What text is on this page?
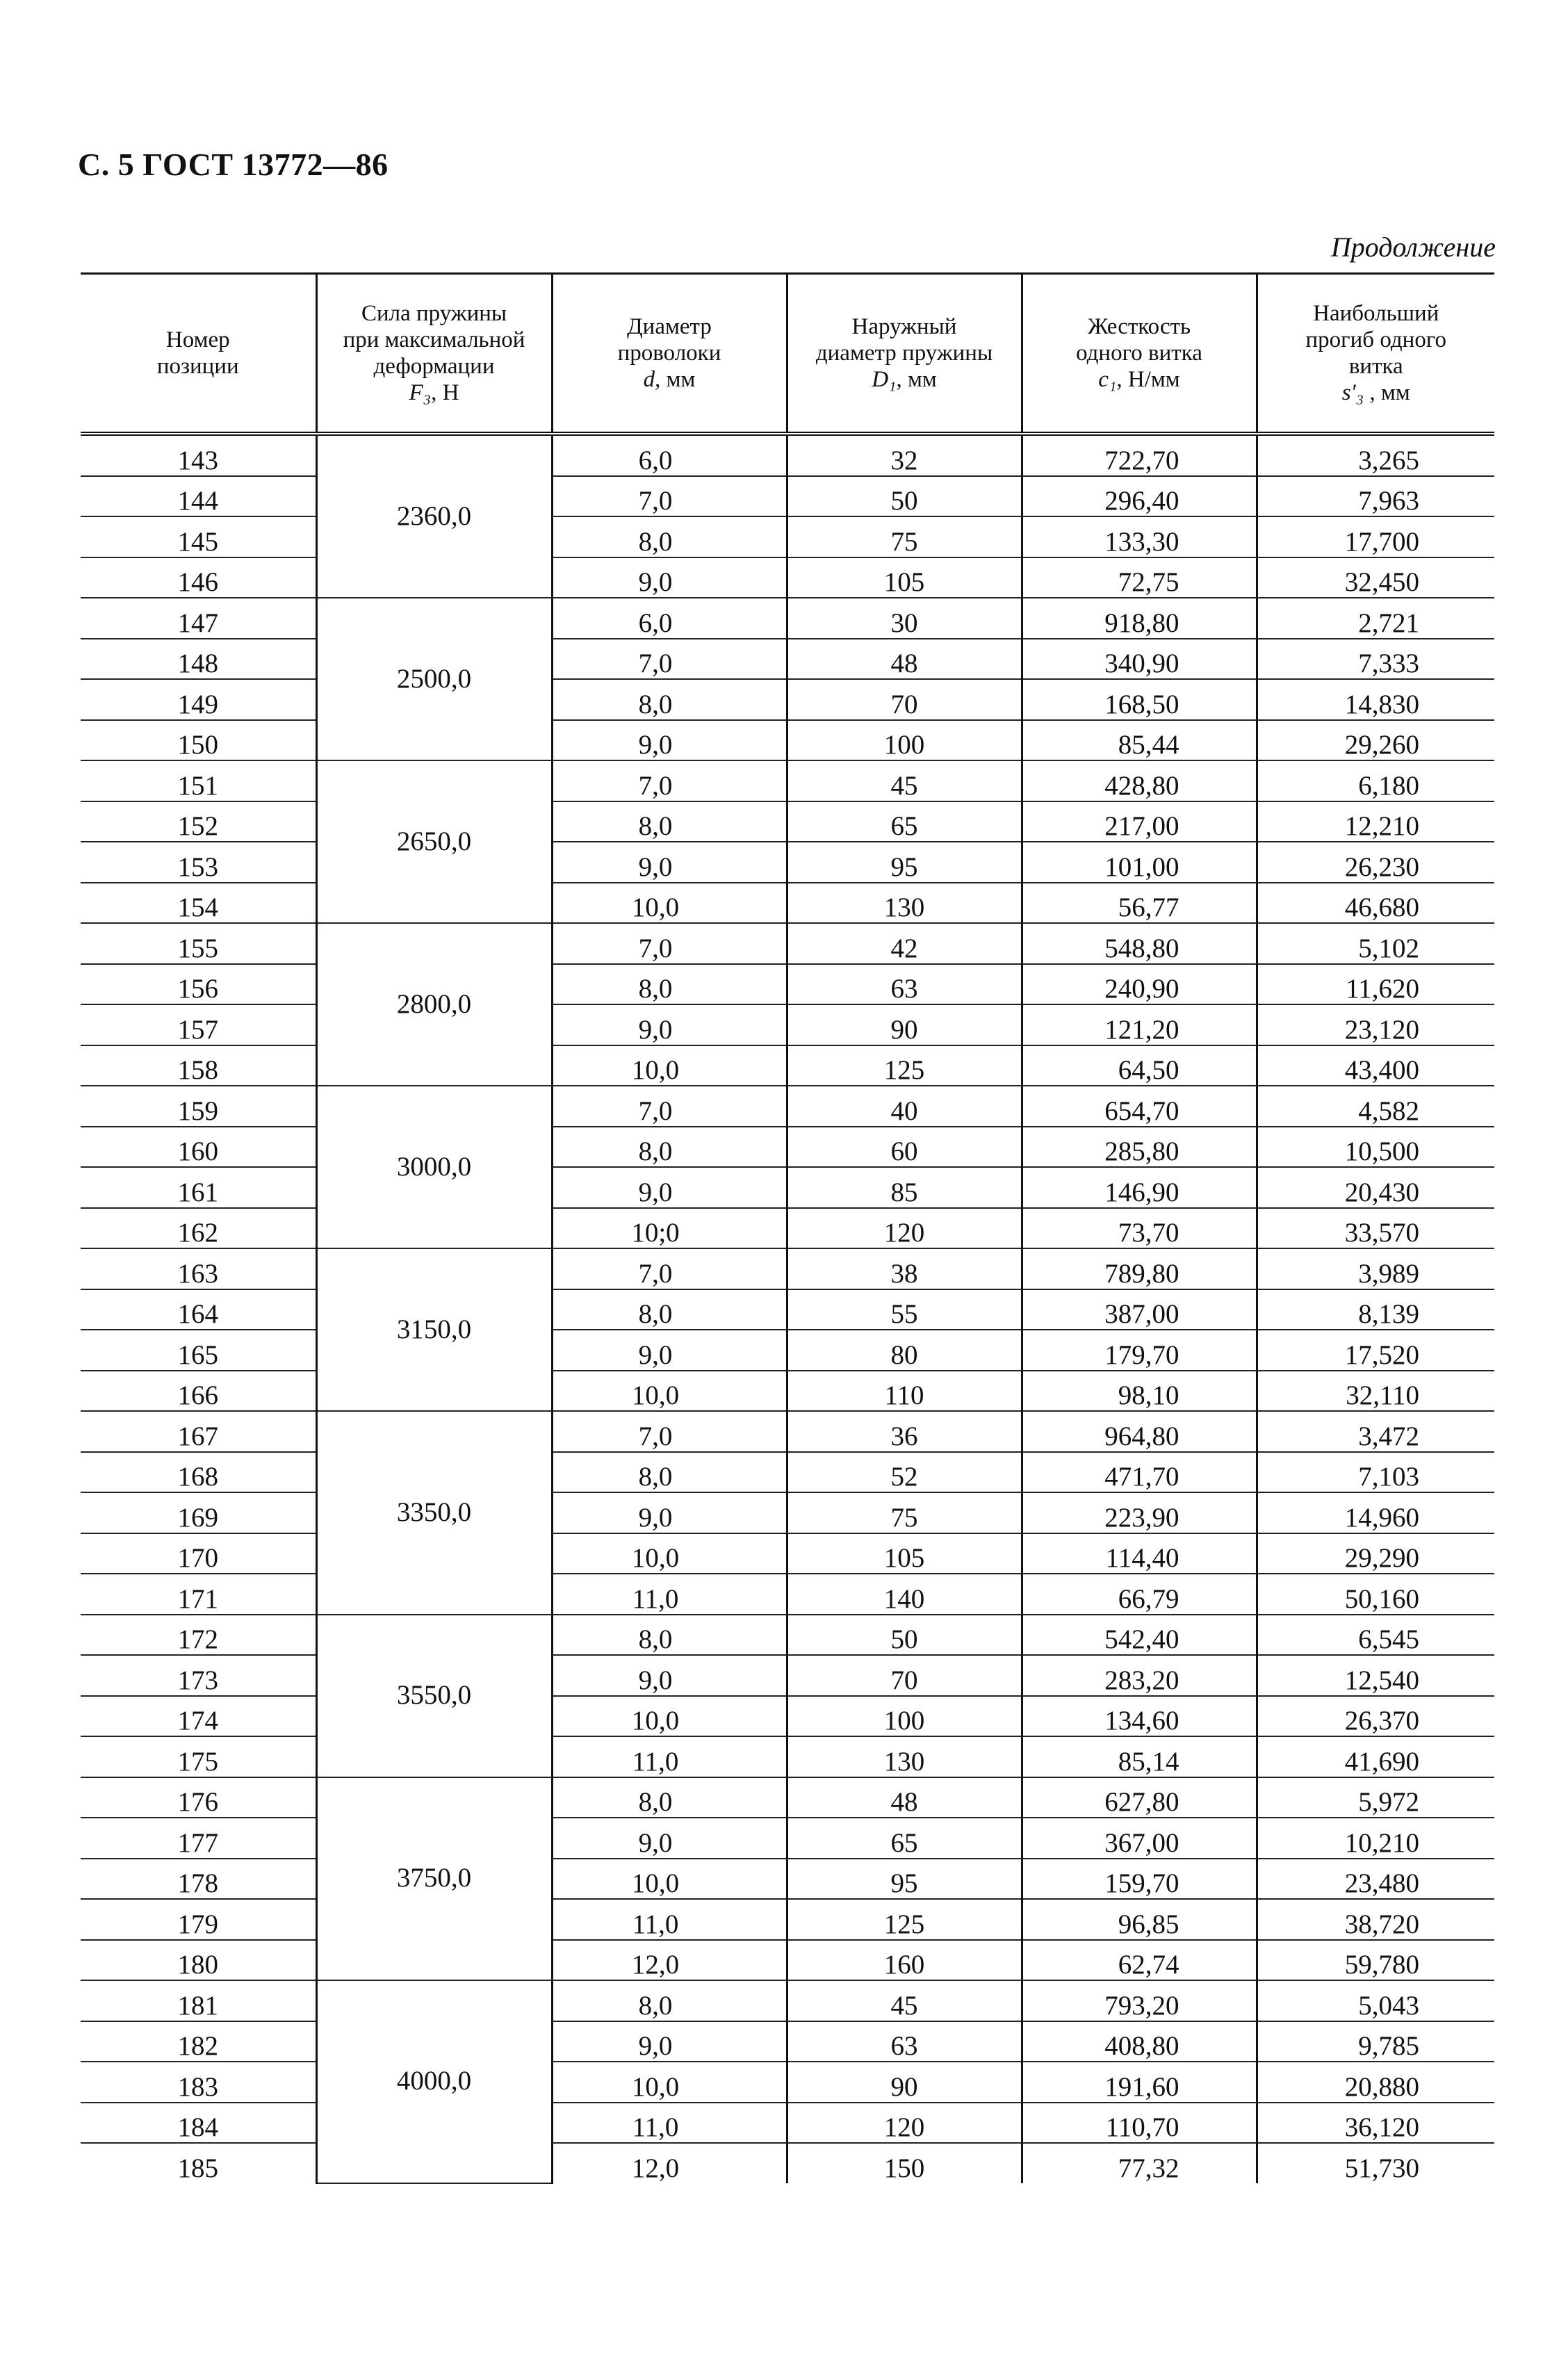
С. 5 ГОСТ 13772—86
Продолжение
Номер
позиции	Сила пружины
при максимальной
деформации
F₃, Н	Диаметр
проволоки
d, мм	Наружный
диаметр пружины
D₁, мм	Жесткость
одного витка
c₁, Н/мм	Наибольший
прогиб одного
витка
s′₃ , мм
143	2360,0	6,0	32	722,70	3,265
144		7,0	50	296,40	7,963
145		8,0	75	133,30	17,700
146		9,0	105	72,75	32,450
147	2500,0	6,0	30	918,80	2,721
148		7,0	48	340,90	7,333
149		8,0	70	168,50	14,830
150		9,0	100	85,44	29,260
151	2650,0	7,0	45	428,80	6,180
152		8,0	65	217,00	12,210
153		9,0	95	101,00	26,230
154		10,0	130	56,77	46,680
155	2800,0	7,0	42	548,80	5,102
156		8,0	63	240,90	11,620
157		9,0	90	121,20	23,120
158		10,0	125	64,50	43,400
159	3000,0	7,0	40	654,70	4,582
160		8,0	60	285,80	10,500
161		9,0	85	146,90	20,430
162		10;0	120	73,70	33,570
163	3150,0	7,0	38	789,80	3,989
164		8,0	55	387,00	8,139
165		9,0	80	179,70	17,520
166		10,0	110	98,10	32,110
167	3350,0	7,0	36	964,80	3,472
168		8,0	52	471,70	7,103
169		9,0	75	223,90	14,960
170		10,0	105	114,40	29,290
171		11,0	140	66,79	50,160
172	3550,0	8,0	50	542,40	6,545
173		9,0	70	283,20	12,540
174		10,0	100	134,60	26,370
175		11,0	130	85,14	41,690
176	3750,0	8,0	48	627,80	5,972
177		9,0	65	367,00	10,210
178		10,0	95	159,70	23,480
179		11,0	125	96,85	38,720
180		12,0	160	62,74	59,780
181	4000,0	8,0	45	793,20	5,043
182		9,0	63	408,80	9,785
183		10,0	90	191,60	20,880
184		11,0	120	110,70	36,120
185		12,0	150	77,32	51,730
